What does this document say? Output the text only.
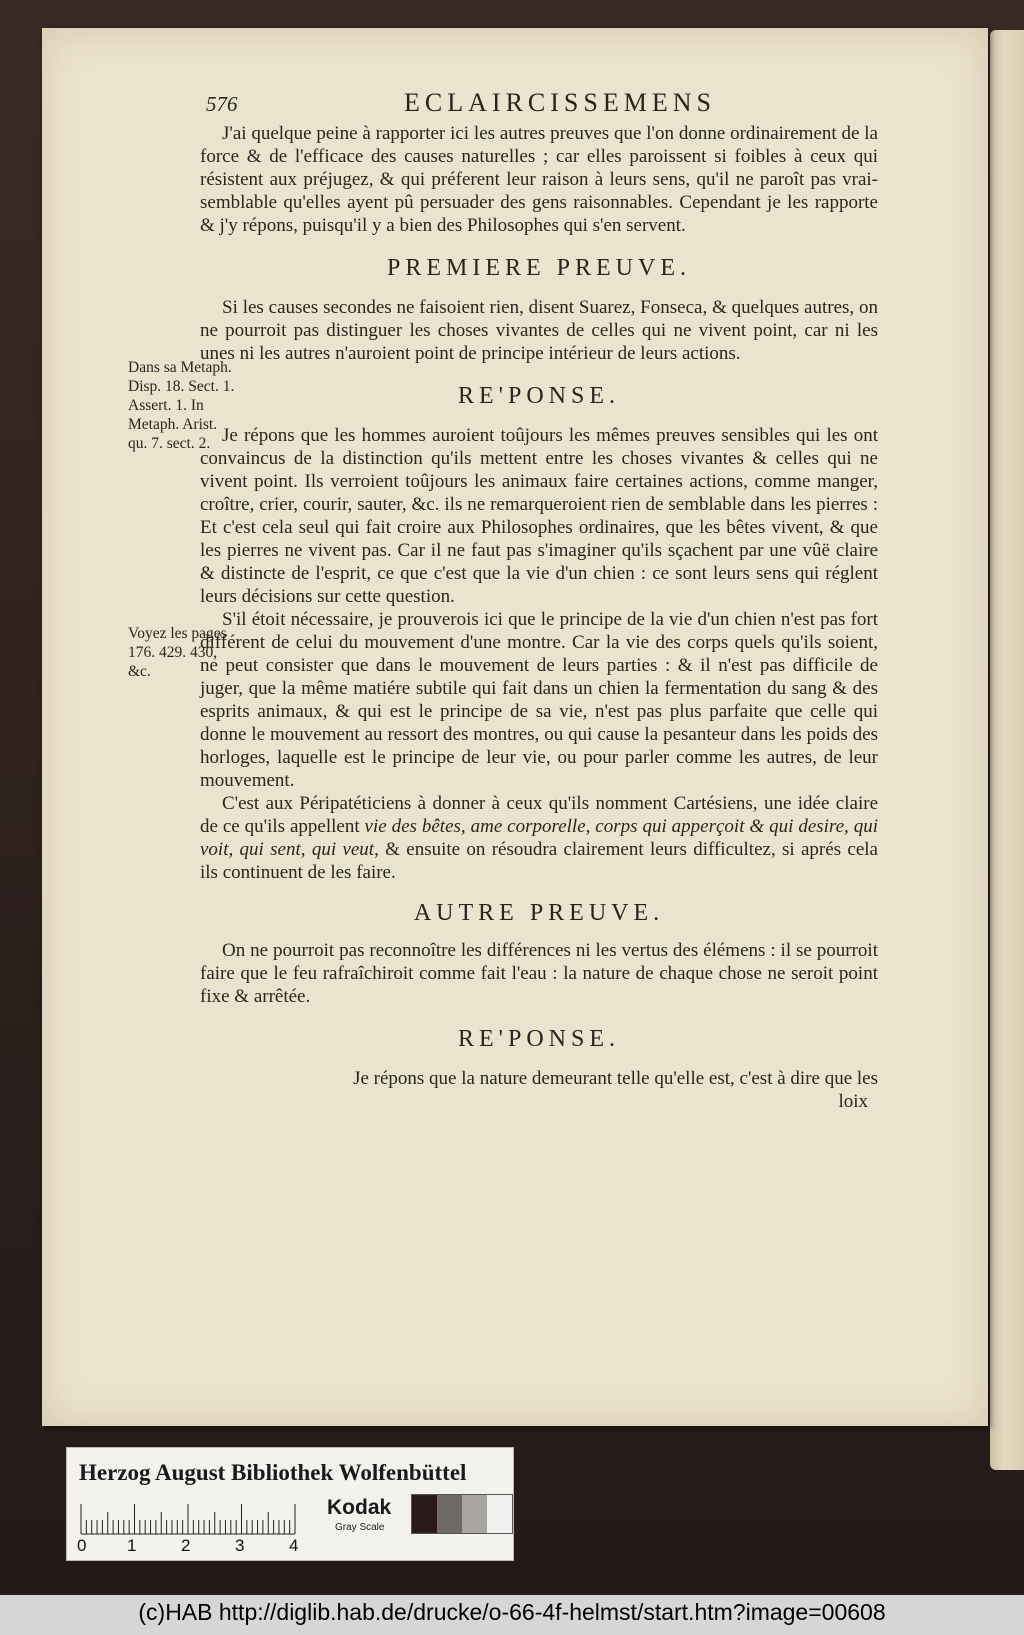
576	ECLAIRCISSEMENS
Dans sa Metaph. Disp. 18. Sect. 1. Assert. 1. In Metaph. Arist. qu. 7. sect. 2.
Voyez les pages 176. 429. 430, &c.

J'ai quelque peine à rapporter ici les autres preuves que l'on donne ordinairement de la force & de l'efficace des causes naturelles ; car elles paroissent si foibles à ceux qui résistent aux préjugez, & qui préferent leur raison à leurs sens, qu'il ne paroît pas vrai-semblable qu'elles ayent pû persuader des gens raisonnables. Cependant je les rapporte & j'y répons, puisqu'il y a bien des Philosophes qui s'en servent.

PREMIERE PREUVE.

Si les causes secondes ne faisoient rien, disent Suarez, Fonseca, & quelques autres, on ne pourroit pas distinguer les choses vivantes de celles qui ne vivent point, car ni les unes ni les autres n'auroient point de principe intérieur de leurs actions.

RE'PONSE.

Je répons que les hommes auroient toûjours les mêmes preuves sensibles qui les ont convaincus de la distinction qu'ils mettent entre les choses vivantes & celles qui ne vivent point. Ils verroient toûjours les animaux faire certaines actions, comme manger, croître, crier, courir, sauter, &c. ils ne remarqueroient rien de semblable dans les pierres : Et c'est cela seul qui fait croire aux Philosophes ordinaires, que les bêtes vivent, & que les pierres ne vivent pas. Car il ne faut pas s'imaginer qu'ils sçachent par une vûë claire & distincte de l'esprit, ce que c'est que la vie d'un chien : ce sont leurs sens qui réglent leurs décisions sur cette question.

S'il étoit nécessaire, je prouverois ici que le principe de la vie d'un chien n'est pas fort différent de celui du mouvement d'une montre. Car la vie des corps quels qu'ils soient, ne peut consister que dans le mouvement de leurs parties : & il n'est pas difficile de juger, que la même matiére subtile qui fait dans un chien la fermentation du sang & des esprits animaux, & qui est le principe de sa vie, n'est pas plus parfaite que celle qui donne le mouvement au ressort des montres, ou qui cause la pesanteur dans les poids des horloges, laquelle est le principe de leur vie, ou pour parler comme les autres, de leur mouvement.

C'est aux Péripatéticiens à donner à ceux qu'ils nomment Cartésiens, une idée claire de ce qu'ils appellent vie des bêtes, ame corporelle, corps qui apperçoit & qui desire, qui voit, qui sent, qui veut, & ensuite on résoudra clairement leurs difficultez, si aprés cela ils continuent de les faire.

AUTRE PREUVE.

On ne pourroit pas reconnoître les différences ni les vertus des élémens : il se pourroit faire que le feu rafraîchiroit comme fait l'eau : la nature de chaque chose ne seroit point fixe & arrêtée.

RE'PONSE.

Je répons que la nature demeurant telle qu'elle est, c'est à dire que les

loix
Herzog August Bibliothek Wolfenbüttel
0 1	2	3	4
Kodak
Gray Scale
(c)HAB http://diglib.hab.de/drucke/o-66-4f-helmst/start.htm?image=00608
